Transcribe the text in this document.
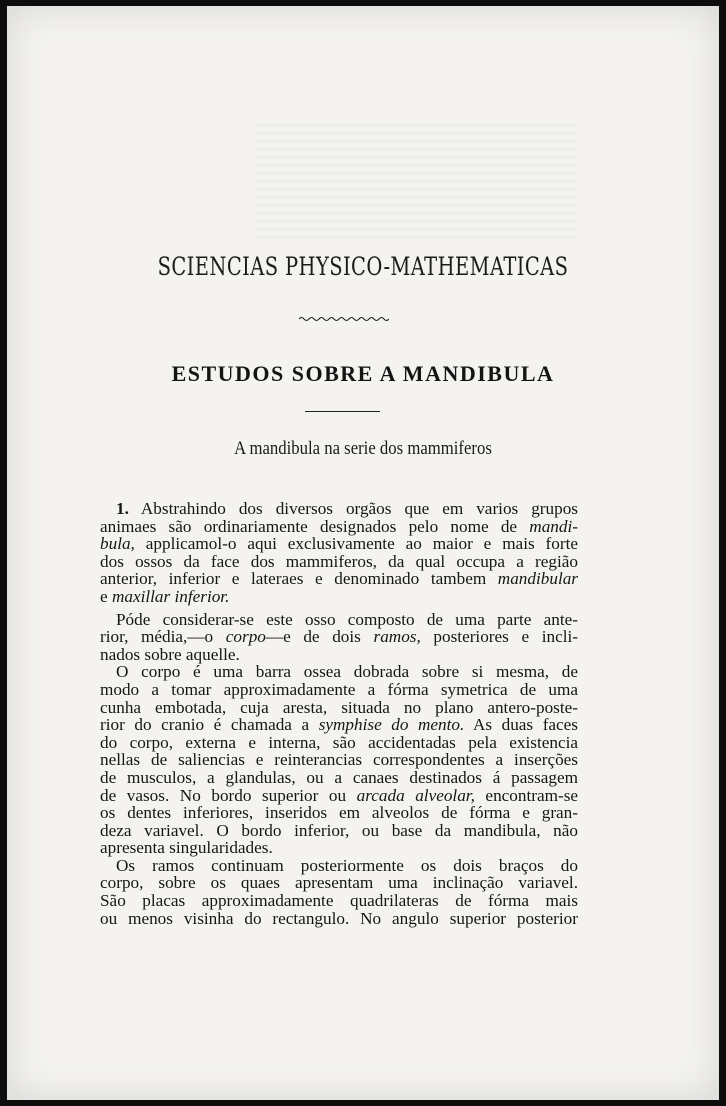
SCIENCIAS PHYSICO-MATHEMATICAS
ESTUDOS SOBRE A MANDIBULA
A mandibula na serie dos mammiferos
1. Abstrahindo dos diversos orgãos que em varios grupos
animaes são ordinariamente designados pelo nome de mandi-
bula, applicamol-o aqui exclusivamente ao maior e mais forte
dos ossos da face dos mammiferos, da qual occupa a região
anterior, inferior e lateraes e denominado tambem mandibular
e maxillar inferior.
Póde considerar-se este osso composto de uma parte ante-
rior, média,—o corpo—e de dois ramos, posteriores e incli-
nados sobre aquelle.
O corpo é uma barra ossea dobrada sobre si mesma, de
modo a tomar approximadamente a fórma symetrica de uma
cunha embotada, cuja aresta, situada no plano antero-poste-
rior do cranio é chamada a symphise do mento. As duas faces
do corpo, externa e interna, são accidentadas pela existencia
nellas de saliencias e reinterancias correspondentes a inserções
de musculos, a glandulas, ou a canaes destinados á passagem
de vasos. No bordo superior ou arcada alveolar, encontram-se
os dentes inferiores, inseridos em alveolos de fórma e gran-
deza variavel. O bordo inferior, ou base da mandibula, não
apresenta singularidades.
Os ramos continuam posteriormente os dois braços do
corpo, sobre os quaes apresentam uma inclinação variavel.
São placas approximadamente quadrilateras de fórma mais
ou menos visinha do rectangulo. No angulo superior posterior
